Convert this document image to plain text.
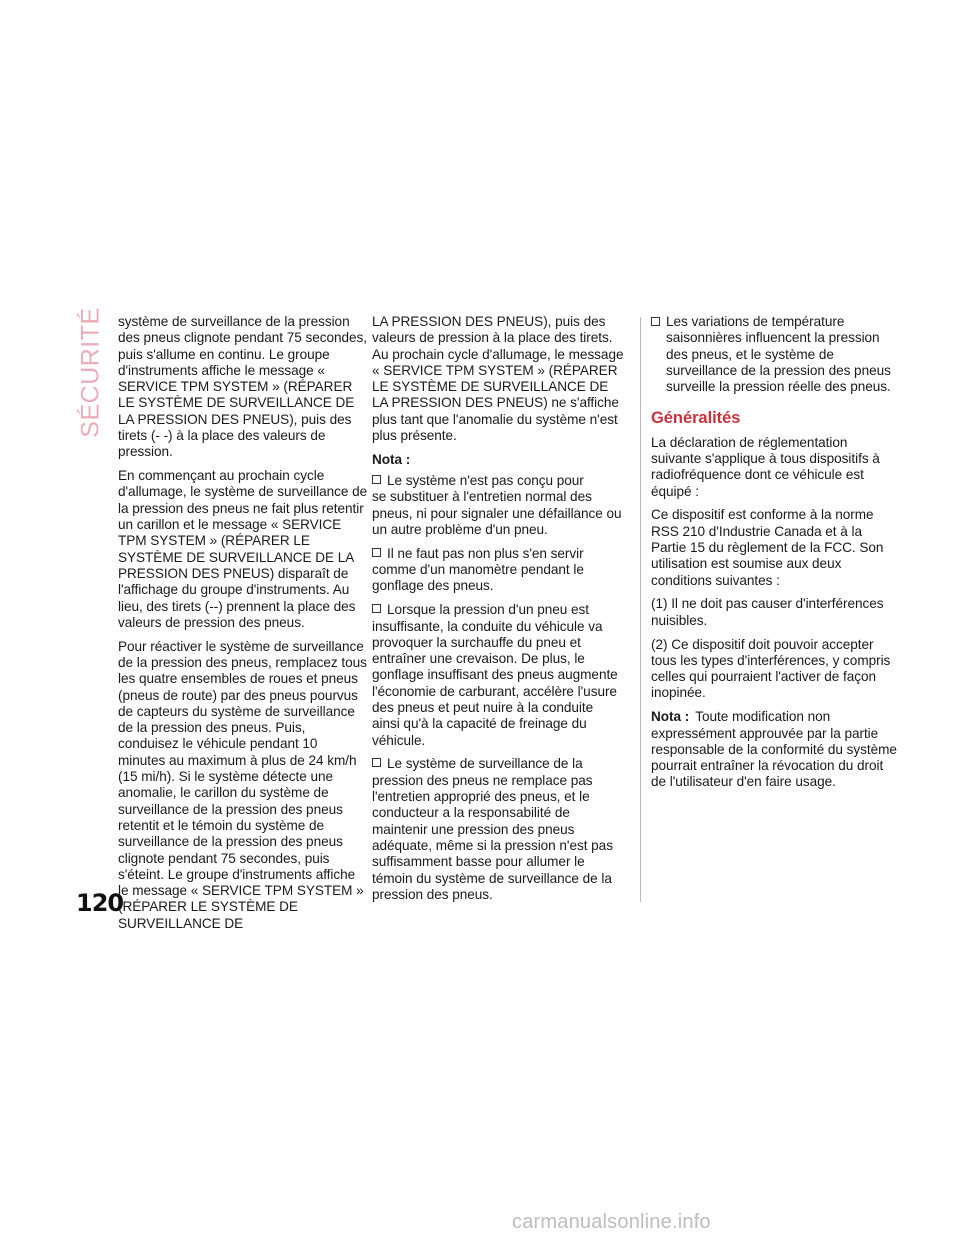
SÉCURITÉ
120

système de surveillance de la pression des pneus clignote pendant 75 secondes, puis s'allume en continu. Le groupe d'instruments affiche le message « SERVICE TPM SYSTEM » (RÉPARER LE SYSTÈME DE SURVEILLANCE DE LA PRESSION DES PNEUS), puis des tirets (- -) à la place des valeurs de pression.

En commençant au prochain cycle d'allumage, le système de surveillance de la pression des pneus ne fait plus retentir un carillon et le message « SERVICE TPM SYSTEM » (RÉPARER LE SYSTÈME DE SURVEILLANCE DE LA PRESSION DES PNEUS) disparaît de l'affichage du groupe d'instruments. Au lieu, des tirets (--) prennent la place des valeurs de pression des pneus.

Pour réactiver le système de surveillance de la pression des pneus, remplacez tous les quatre ensembles de roues et pneus (pneus de route) par des pneus pourvus de capteurs du système de surveillance de la pression des pneus. Puis, conduisez le véhicule pendant 10 minutes au maximum à plus de 24 km/h (15 mi/h). Si le système détecte une anomalie, le carillon du système de surveillance de la pression des pneus retentit et le témoin du système de surveillance de la pression des pneus clignote pendant 75 secondes, puis s'éteint. Le groupe d'instruments affiche le message « SERVICE TPM SYSTEM » (RÉPARER LE SYSTÈME DE SURVEILLANCE DE

LA PRESSION DES PNEUS), puis des valeurs de pression à la place des tirets. Au prochain cycle d'allumage, le message « SERVICE TPM SYSTEM » (RÉPARER LE SYSTÈME DE SURVEILLANCE DE LA PRESSION DES PNEUS) ne s'affiche plus tant que l'anomalie du système n'est plus présente.

Nota :

Le système n'est pas conçu pour
se substituer à l'entretien normal des pneus, ni pour signaler une défaillance ou un autre problème d'un pneu.

Il ne faut pas non plus s'en servir
comme d'un manomètre pendant le gonflage des pneus.

Lorsque la pression d'un pneu est
insuffisante, la conduite du véhicule va provoquer la surchauffe du pneu et entraîner une crevaison. De plus, le gonflage insuffisant des pneus augmente l'économie de carburant, accélère l'usure des pneus et peut nuire à la conduite ainsi qu'à la capacité de freinage du véhicule.

Le système de surveillance de la
pression des pneus ne remplace pas l'entretien approprié des pneus, et le conducteur a la responsabilité de maintenir une pression des pneus adéquate, même si la pression n'est pas suffisamment basse pour allumer le témoin du système de surveillance de la pression des pneus.

Les variations de température saisonnières influencent la pression des pneus, et le système de surveillance de la pression des pneus surveille la pression réelle des pneus.

Généralités

La déclaration de réglementation suivante s'applique à tous dispositifs à radiofréquence dont ce véhicule est équipé :

Ce dispositif est conforme à la norme RSS 210 d'Industrie Canada et à la Partie 15 du règlement de la FCC. Son utilisation est soumise aux deux conditions suivantes :

(1) Il ne doit pas causer d'interférences nuisibles.

(2) Ce dispositif doit pouvoir accepter tous les types d'interférences, y compris celles qui pourraient l'activer de façon inopinée.

Nota : Toute modification non expressément approuvée par la partie responsable de la conformité du système pourrait entraîner la révocation du droit de l'utilisateur d'en faire usage.

carmanualsonline.info
